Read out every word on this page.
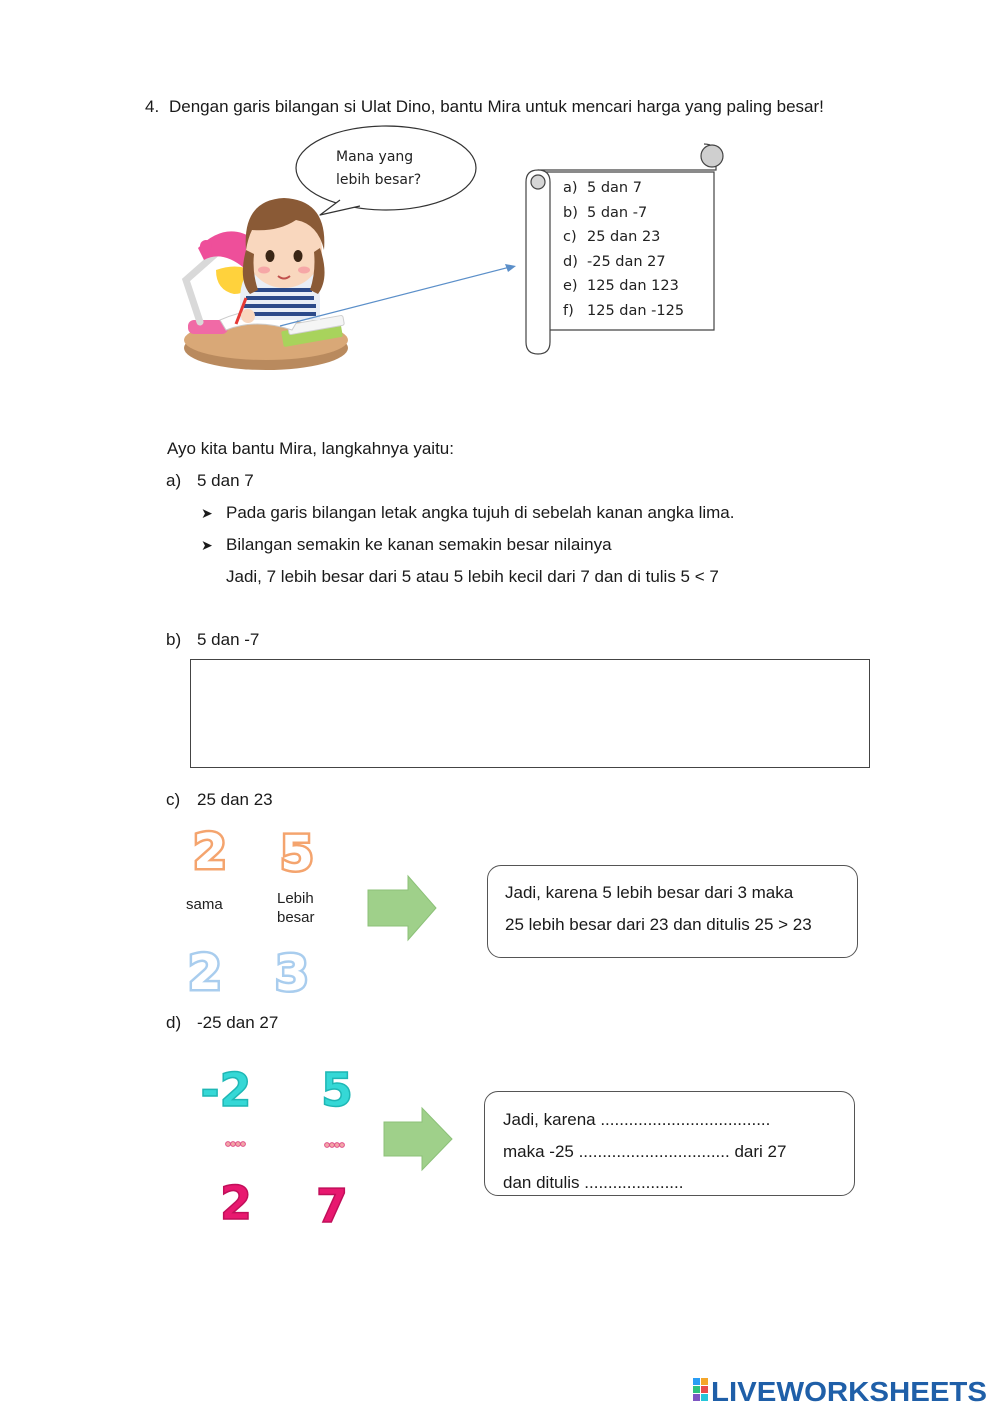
4. Dengan garis bilangan si Ulat Dino, bantu Mira untuk mencari harga yang paling besar!
Mana yang
lebih besar?	a) 5 dan 7
b) 5 dan -7
c) 25 dan 23
d) -25 dan 27
e) 125 dan 123
f) 125 dan -125
Ayo kita bantu Mira, langkahnya yaitu:
a) 5 dan 7
➤ Pada garis bilangan letak angka tujuh di sebelah kanan angka lima.
➤ Bilangan semakin ke kanan semakin besar nilainya
Jadi, 7 lebih besar dari 5 atau 5 lebih kecil dari 7 dan di tulis 5 < 7
b) 5 dan -7
c) 25 dan 23
2 5
2 3
sama	Lebih
besar
Jadi, karena 5 lebih besar dari 3 maka
25 lebih besar dari 23 dan ditulis 25 > 23
d) -25 dan 27
-2 5
2 7
Jadi, karena ....................................
maka -25 ................................ dari 27
dan ditulis .....................
LIVEWORKSHEETS
